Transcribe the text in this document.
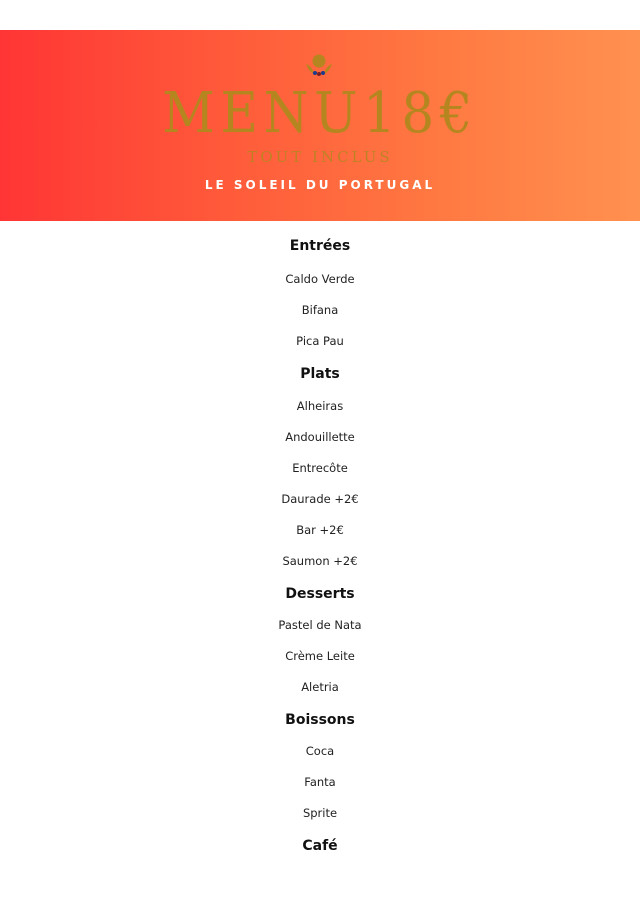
MENU18€
TOUT INCLUS
LE SOLEIL DU PORTUGAL
Entrées
Caldo Verde
Bifana
Pica Pau
Plats
Alheiras
Andouillette
Entrecôte
Daurade +2€
Bar +2€
Saumon +2€
Desserts
Pastel de Nata
Crème Leite
Aletria
Boissons
Coca
Fanta
Sprite
Café
